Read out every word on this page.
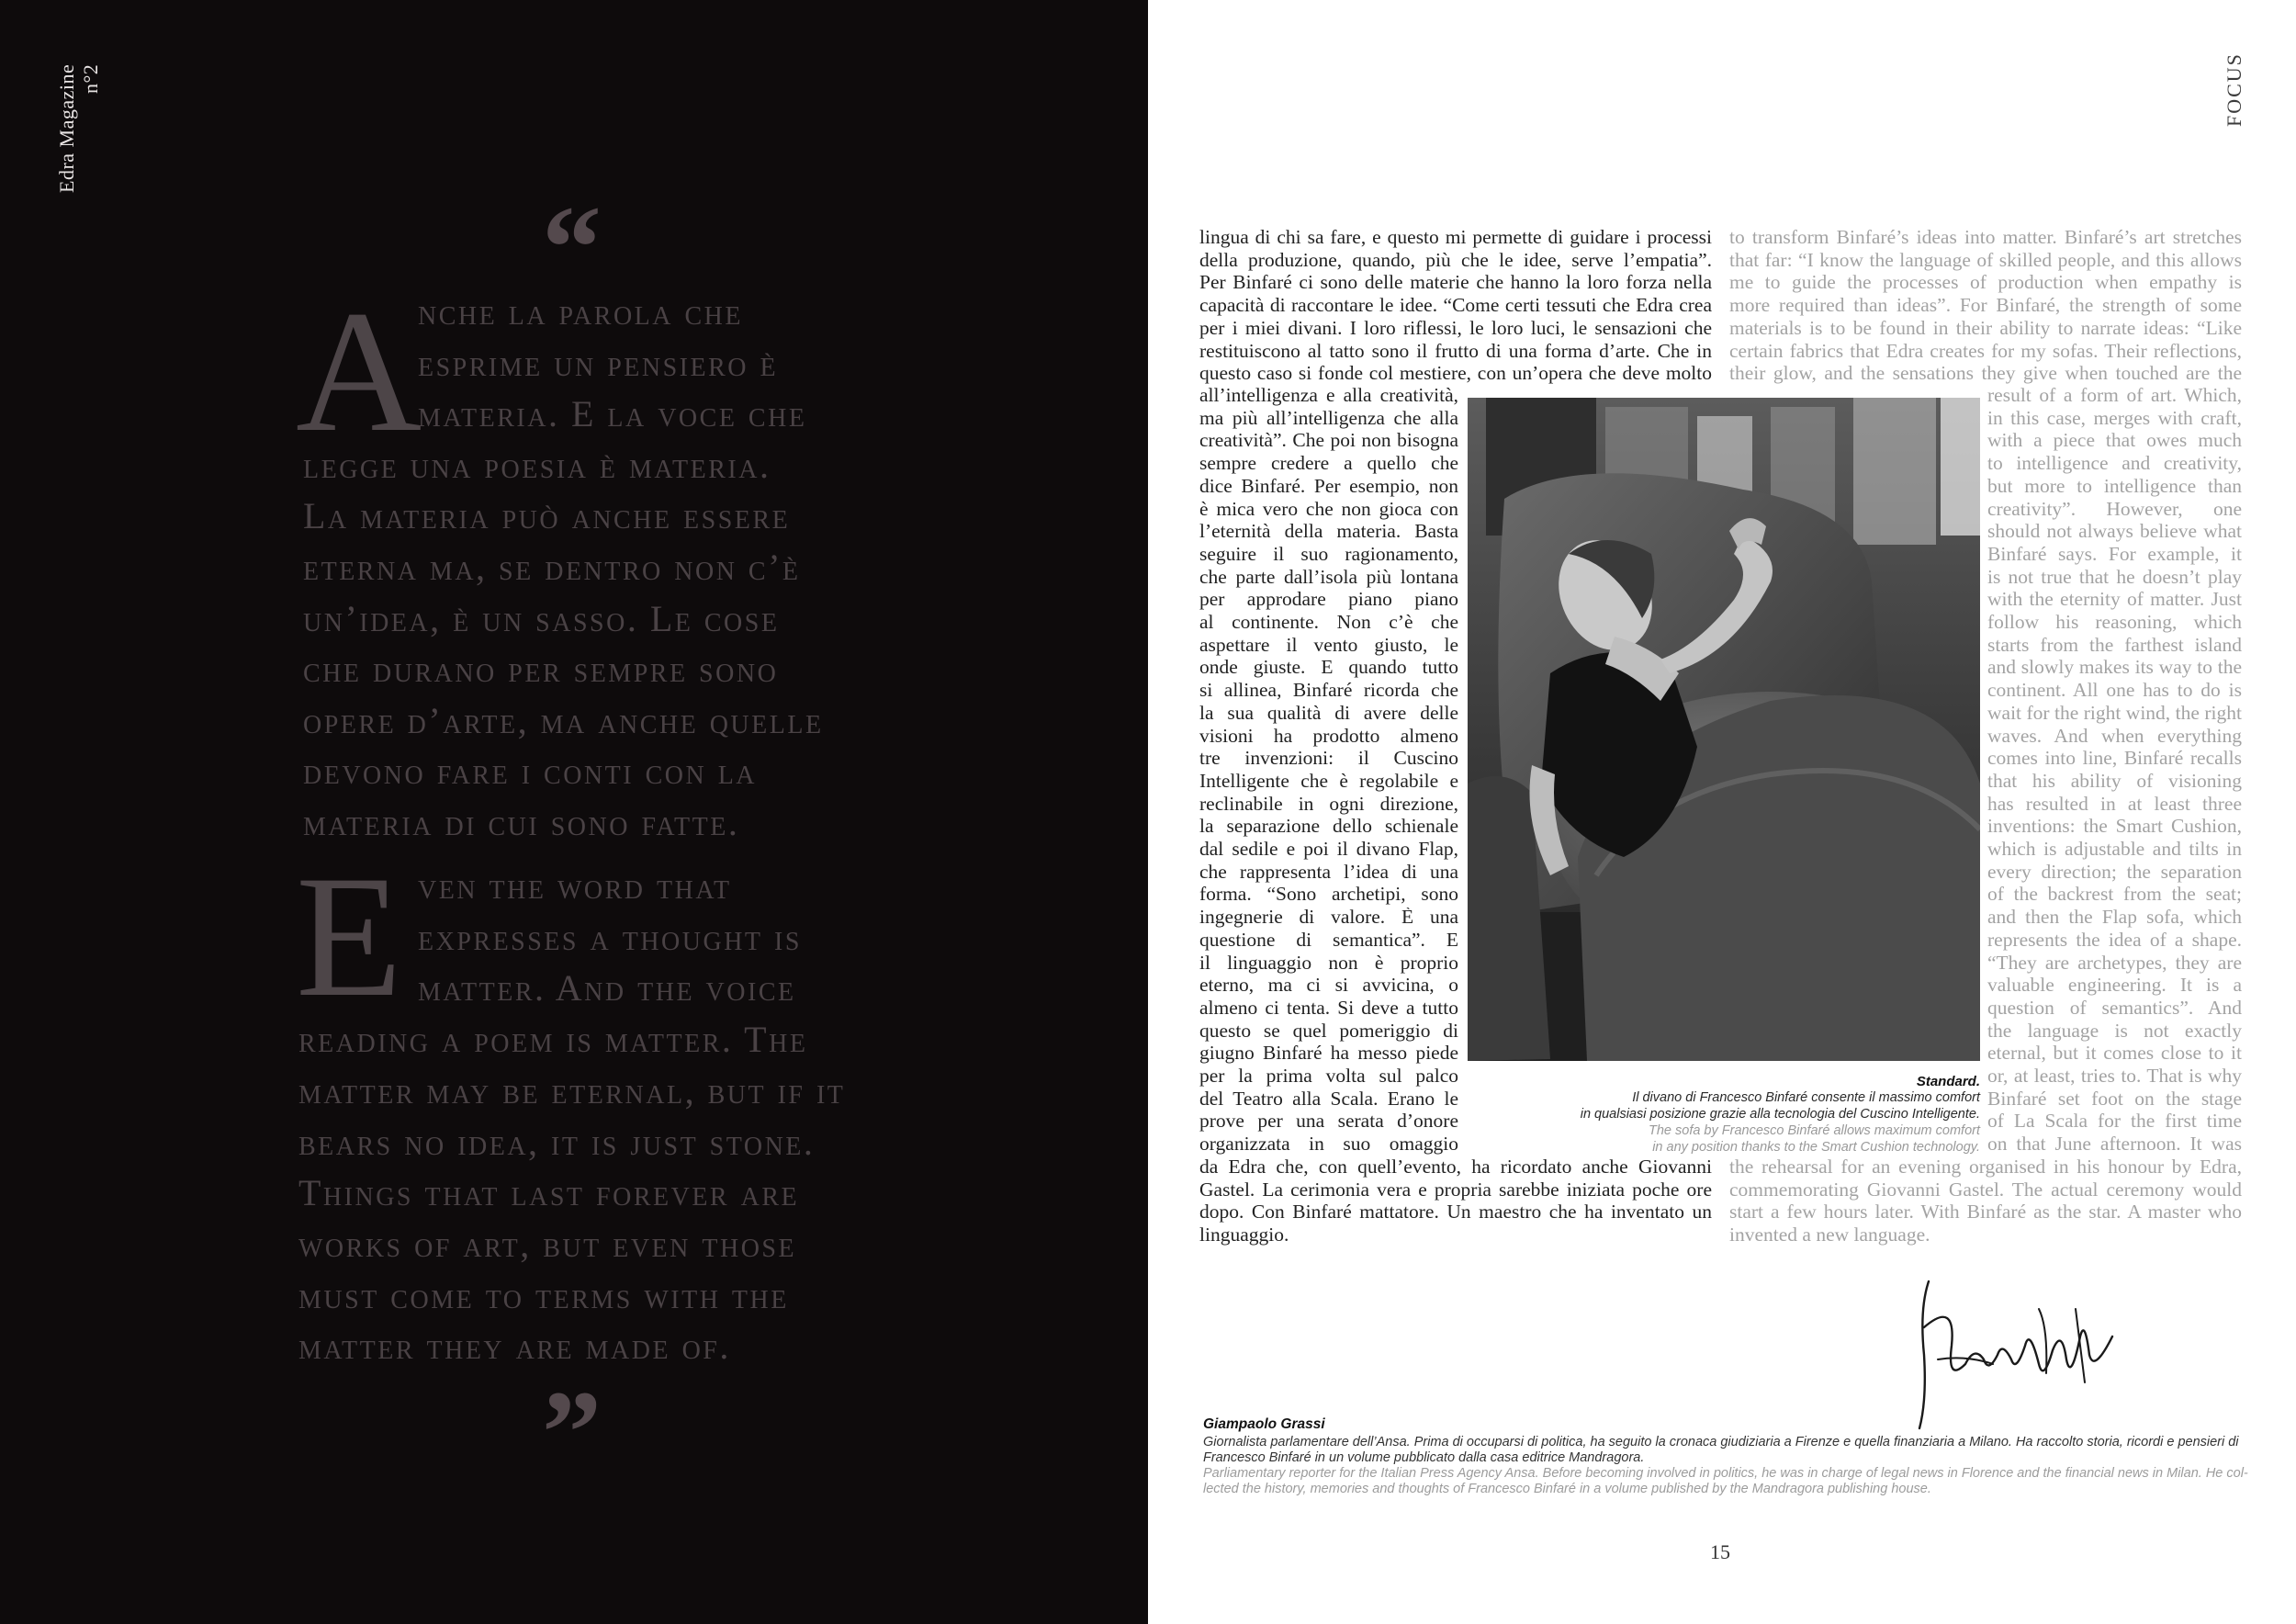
Edra Magazine n°2
“
A
nche la parola che
esprime un pensiero è
materia. E la voce che
legge una poesia è materia.
La materia può anche essere
eterna ma, se dentro non c’è
un’idea, è un sasso. Le cose
che durano per sempre sono
opere d’arte, ma anche quelle
devono fare i conti con la
materia di cui sono fatte.
E ven the word that
expresses a thought is
matter. And the voice
reading a poem is matter. The
matter may be eternal, but if it
bears no idea, it is just stone.
Things that last forever are
works of art, but even those
must come to terms with the
matter they are made of.
”
FOCUS
lingua di chi sa fare, e questo mi permette di guidare i processi
della produzione, quando, più che le idee, serve l’empatia”.
Per Binfaré ci sono delle materie che hanno la loro forza nella
capacità di raccontare le idee. “Come certi tessuti che Edra crea
per i miei divani. I loro riflessi, le loro luci, le sensazioni che
restituiscono al tatto sono il frutto di una forma d’arte. Che in
questo caso si fonde col mestiere, con un’opera che deve molto
all’intelligenza e alla creatività,
ma più all’intelligenza che alla
creatività”. Che poi non bisogna
sempre credere a quello che
dice Binfaré. Per esempio, non
è mica vero che non gioca con
l’eternità della materia. Basta
seguire il suo ragionamento,
che parte dall’isola più lontana
per approdare piano piano
al continente. Non c’è che
aspettare il vento giusto, le
onde giuste. E quando tutto
si allinea, Binfaré ricorda che
la sua qualità di avere delle
visioni ha prodotto almeno
tre invenzioni: il Cuscino
Intelligente che è regolabile e
reclinabile in ogni direzione,
la separazione dello schienale
dal sedile e poi il divano Flap,
che rappresenta l’idea di una
forma. “Sono archetipi, sono
ingegnerie di valore. È una
questione di semantica”. E
il linguaggio non è proprio
eterno, ma ci si avvicina, o
almeno ci tenta. Si deve a tutto
questo se quel pomeriggio di
giugno Binfaré ha messo piede
per la prima volta sul palco
del Teatro alla Scala. Erano le
prove per una serata d’onore
organizzata in suo omaggio
da Edra che, con quell’evento, ha ricordato anche Giovanni
Gastel. La cerimonia vera e propria sarebbe iniziata poche ore
dopo. Con Binfaré mattatore. Un maestro che ha inventato un
linguaggio.
to transform Binfaré’s ideas into matter. Binfaré’s art stretches
that far: “I know the language of skilled people, and this allows
me to guide the processes of production when empathy is
more required than ideas”. For Binfaré, the strength of some
materials is to be found in their ability to narrate ideas: “Like
certain fabrics that Edra creates for my sofas. Their reflections,
their glow, and the sensations they give when touched are the
result of a form of art. Which,
in this case, merges with craft,
with a piece that owes much
to intelligence and creativity,
but more to intelligence than
creativity”. However, one
should not always believe what
Binfaré says. For example, it
is not true that he doesn’t play
with the eternity of matter. Just
follow his reasoning, which
starts from the farthest island
and slowly makes its way to the
continent. All one has to do is
wait for the right wind, the right
waves. And when everything
comes into line, Binfaré recalls
that his ability of visioning
has resulted in at least three
inventions: the Smart Cushion,
which is adjustable and tilts in
every direction; the separation
of the backrest from the seat;
and then the Flap sofa, which
represents the idea of a shape.
“They are archetypes, they are
valuable engineering. It is a
question of semantics”. And
the language is not exactly
eternal, but it comes close to it
or, at least, tries to. That is why
Binfaré set foot on the stage
of La Scala for the first time
on that June afternoon. It was
the rehearsal for an evening organised in his honour by Edra,
commemorating Giovanni Gastel. The actual ceremony would
start a few hours later. With Binfaré as the star. A master who
invented a new language.
Standard.
Il divano di Francesco Binfaré consente il massimo comfort
in qualsiasi posizione grazie alla tecnologia del Cuscino Intelligente.
The sofa by Francesco Binfaré allows maximum comfort
in any position thanks to the Smart Cushion technology.
Giampaolo Grassi
Giornalista parlamentare dell’Ansa. Prima di occuparsi di politica, ha seguito la cronaca giudiziaria a Firenze e quella finanziaria a Milano. Ha raccolto storia, ricordi e pensieri di
Francesco Binfaré in un volume pubblicato dalla casa editrice Mandragora.
Parliamentary reporter for the Italian Press Agency Ansa. Before becoming involved in politics, he was in charge of legal news in Florence and the financial news in Milan. He col-
lected the history, memories and thoughts of Francesco Binfaré in a volume published by the Mandragora publishing house.
15
